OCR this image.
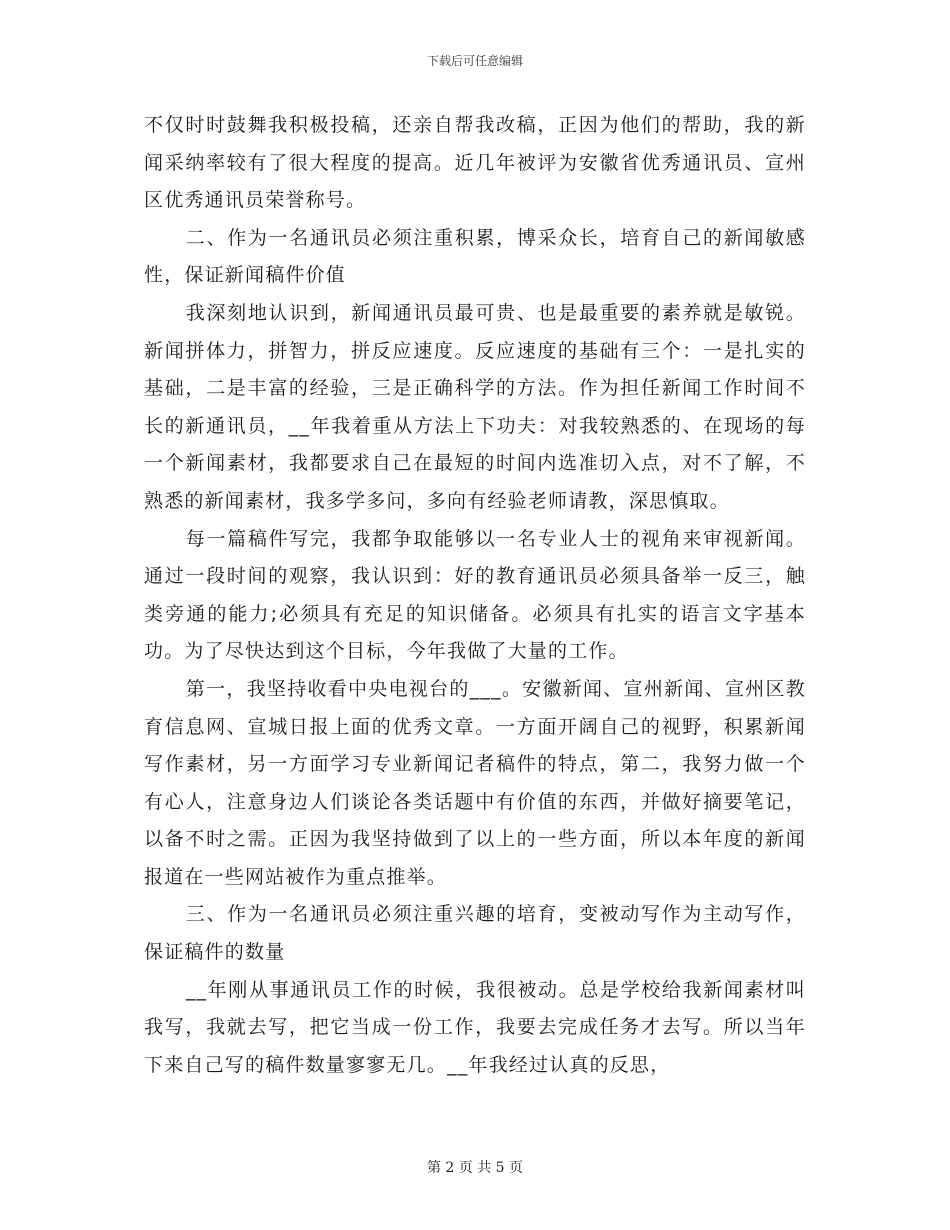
下载后可任意编辑

不仅时时鼓舞我积极投稿，还亲自帮我改稿，正因为他们的帮助，我的新闻采纳率较有了很大程度的提高。近几年被评为安徽省优秀通讯员、宣州区优秀通讯员荣誉称号。

二、作为一名通讯员必须注重积累，博采众长，培育自己的新闻敏感性，保证新闻稿件价值

我深刻地认识到，新闻通讯员最可贵、也是最重要的素养就是敏锐。新闻拼体力，拼智力，拼反应速度。反应速度的基础有三个：一是扎实的基础，二是丰富的经验，三是正确科学的方法。作为担任新闻工作时间不长的新通讯员，__年我着重从方法上下功夫：对我较熟悉的、在现场的每一个新闻素材，我都要求自己在最短的时间内选准切入点，对不了解，不熟悉的新闻素材，我多学多问，多向有经验老师请教，深思慎取。

每一篇稿件写完，我都争取能够以一名专业人士的视角来审视新闻。通过一段时间的观察，我认识到：好的教育通讯员必须具备举一反三，触类旁通的能力;必须具有充足的知识储备。必须具有扎实的语言文字基本功。为了尽快达到这个目标，今年我做了大量的工作。

第一，我坚持收看中央电视台的___。安徽新闻、宣州新闻、宣州区教育信息网、宣城日报上面的优秀文章。一方面开阔自己的视野，积累新闻写作素材，另一方面学习专业新闻记者稿件的特点，第二，我努力做一个有心人，注意身边人们谈论各类话题中有价值的东西，并做好摘要笔记，以备不时之需。正因为我坚持做到了以上的一些方面，所以本年度的新闻报道在一些网站被作为重点推举。

三、作为一名通讯员必须注重兴趣的培育，变被动写作为主动写作，保证稿件的数量

__年刚从事通讯员工作的时候，我很被动。总是学校给我新闻素材叫我写，我就去写，把它当成一份工作，我要去完成任务才去写。所以当年下来自己写的稿件数量寥寥无几。__年我经过认真的反思，

第 2 页 共 5 页
